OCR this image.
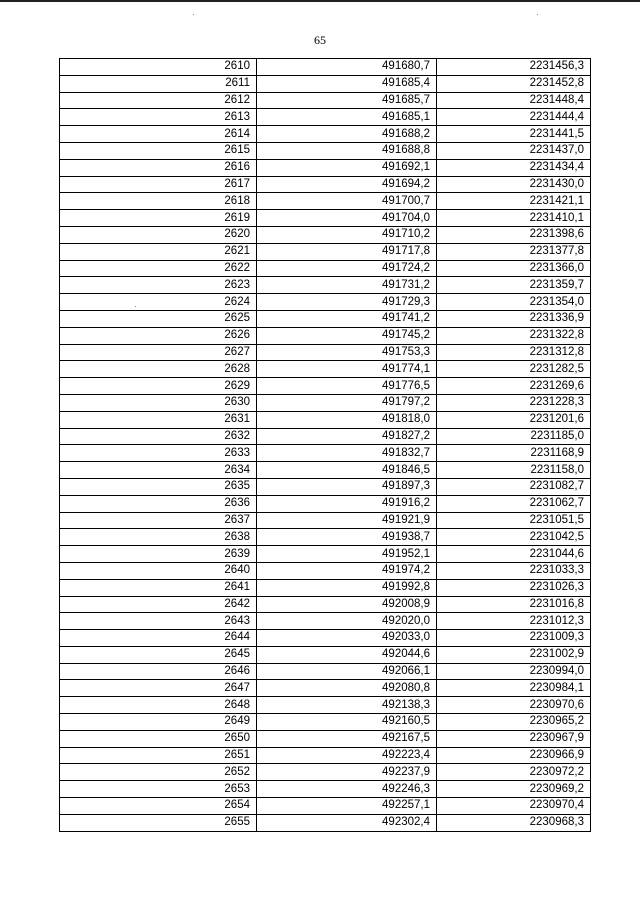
65
2610	491680,7	2231456,3
2611	491685,4	2231452,8
2612	491685,7	2231448,4
2613	491685,1	2231444,4
2614	491688,2	2231441,5
2615	491688,8	2231437,0
2616	491692,1	2231434,4
2617	491694,2	2231430,0
2618	491700,7	2231421,1
2619	491704,0	2231410,1
2620	491710,2	2231398,6
2621	491717,8	2231377,8
2622	491724,2	2231366,0
2623	491731,2	2231359,7
2624	491729,3	2231354,0
2625	491741,2	2231336,9
2626	491745,2	2231322,8
2627	491753,3	2231312,8
2628	491774,1	2231282,5
2629	491776,5	2231269,6
2630	491797,2	2231228,3
2631	491818,0	2231201,6
2632	491827,2	2231185,0
2633	491832,7	2231168,9
2634	491846,5	2231158,0
2635	491897,3	2231082,7
2636	491916,2	2231062,7
2637	491921,9	2231051,5
2638	491938,7	2231042,5
2639	491952,1	2231044,6
2640	491974,2	2231033,3
2641	491992,8	2231026,3
2642	492008,9	2231016,8
2643	492020,0	2231012,3
2644	492033,0	2231009,3
2645	492044,6	2231002,9
2646	492066,1	2230994,0
2647	492080,8	2230984,1
2648	492138,3	2230970,6
2649	492160,5	2230965,2
2650	492167,5	2230967,9
2651	492223,4	2230966,9
2652	492237,9	2230972,2
2653	492246,3	2230969,2
2654	492257,1	2230970,4
2655	492302,4	2230968,3
